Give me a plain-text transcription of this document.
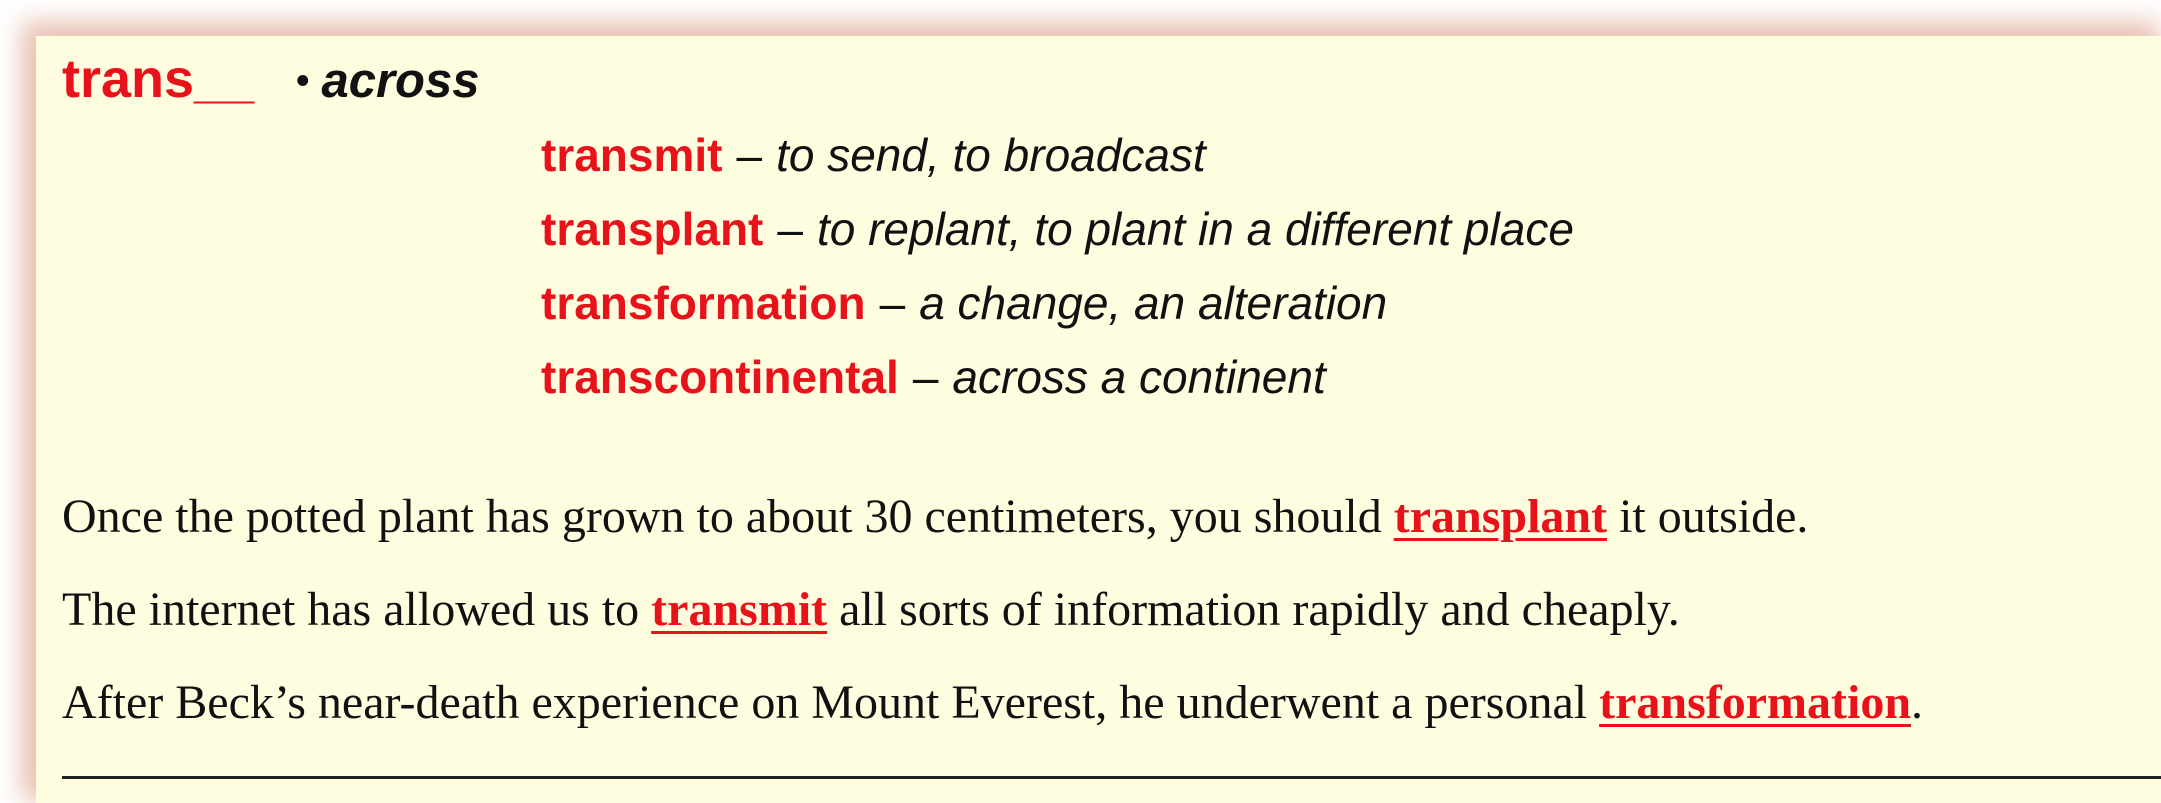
trans__ • across
transmit – to send, to broadcast
transplant – to replant, to plant in a different place
transformation – a change, an alteration
transcontinental – across a continent
Once the potted plant has grown to about 30 centimeters, you should transplant it outside.
The internet has allowed us to transmit all sorts of information rapidly and cheaply.
After Beck’s near-death experience on Mount Everest, he underwent a personal transformation.
